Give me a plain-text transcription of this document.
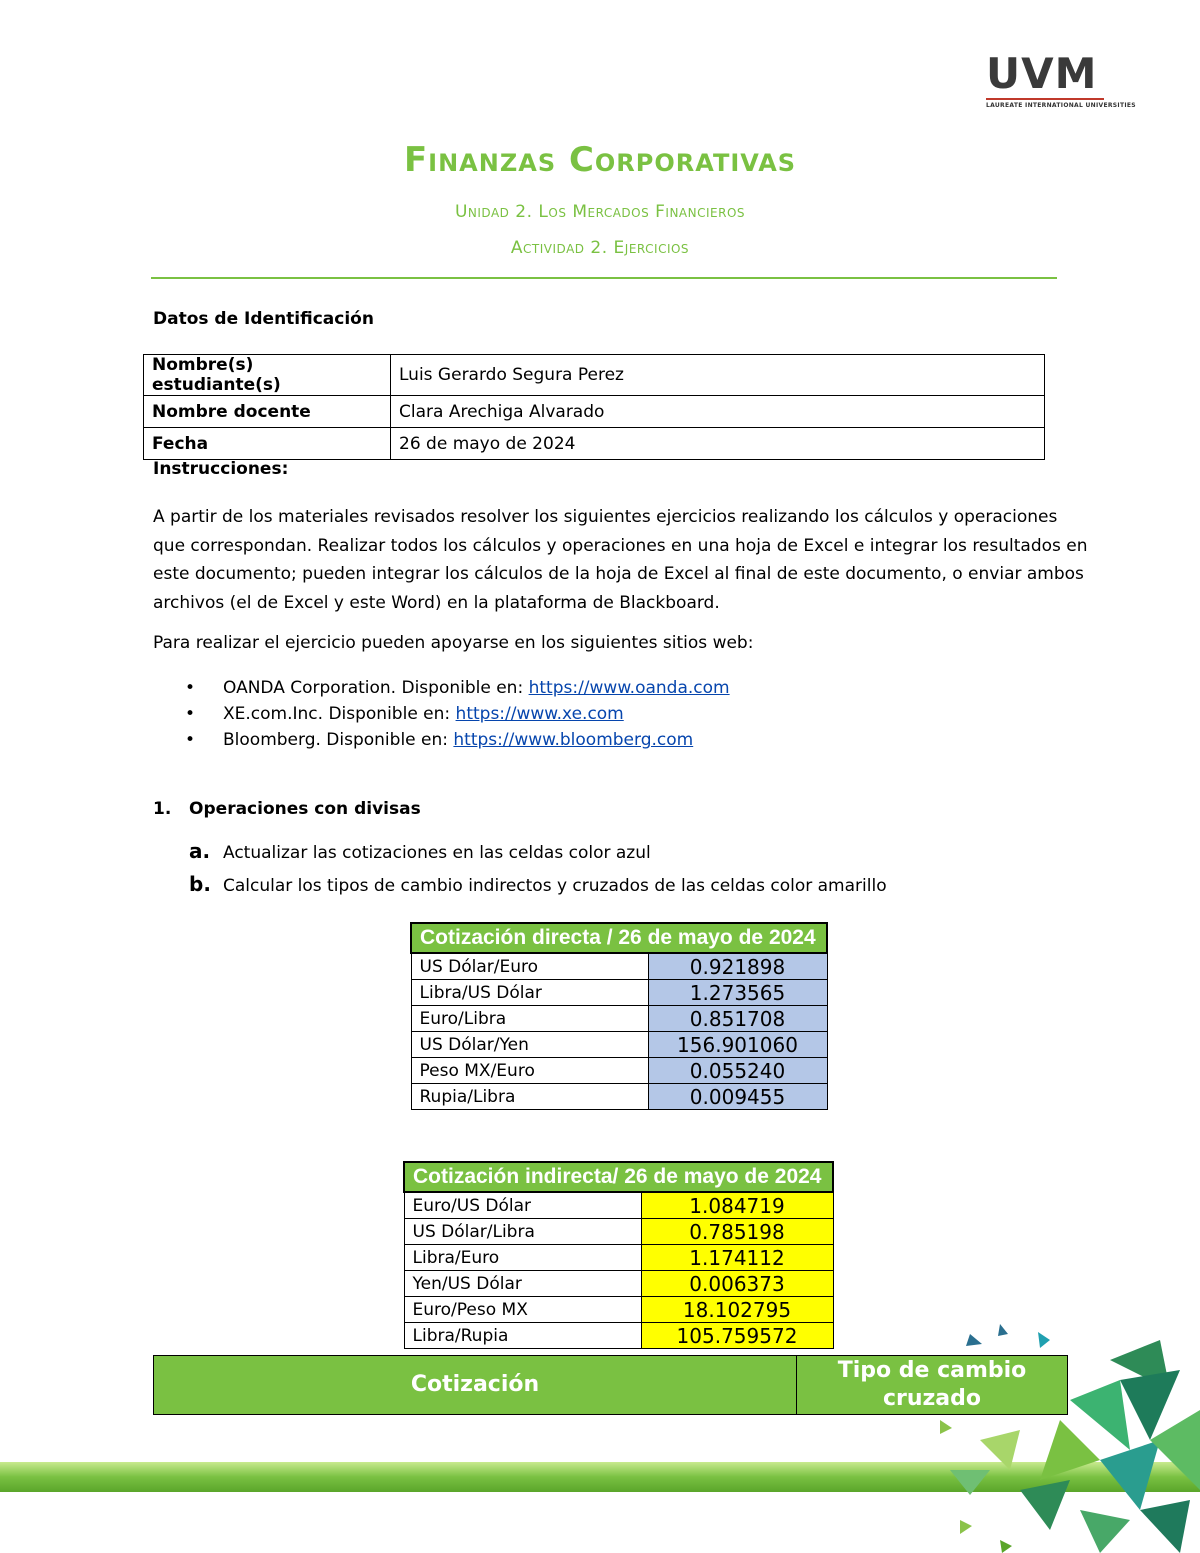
UVM
LAUREATE INTERNATIONAL UNIVERSITIES
Finanzas Corporativas
Unidad 2. Los Mercados Financieros
Actividad 2. Ejercicios
Datos de Identificación
Nombre(s) estudiante(s)	Luis Gerardo Segura Perez
Nombre docente	Clara Arechiga Alvarado
Fecha	26 de mayo de 2024
Instrucciones:
A partir de los materiales revisados resolver los siguientes ejercicios realizando los cálculos y operaciones que correspondan. Realizar todos los cálculos y operaciones en una hoja de Excel e integrar los resultados en este documento; pueden integrar los cálculos de la hoja de Excel al final de este documento, o enviar ambos archivos (el de Excel y este Word) en la plataforma de Blackboard.
Para realizar el ejercicio pueden apoyarse en los siguientes sitios web:
• OANDA Corporation. Disponible en: https://www.oanda.com
• XE.com.Inc. Disponible en: https://www.xe.com
• Bloomberg. Disponible en: https://www.bloomberg.com
1.   Operaciones con divisas
a. Actualizar las cotizaciones en las celdas color azul
b. Calcular los tipos de cambio indirectos y cruzados de las celdas color amarillo
Cotización directa / 26 de mayo de 2024	
US Dólar/Euro	0.921898
Libra/US Dólar	1.273565
Euro/Libra	0.851708
US Dólar/Yen	156.901060
Peso MX/Euro	0.055240
Rupia/Libra	0.009455
Cotización indirecta/ 26 de mayo de 2024	
Euro/US Dólar	1.084719
US Dólar/Libra	0.785198
Libra/Euro	1.174112
Yen/US Dólar	0.006373
Euro/Peso MX	18.102795
Libra/Rupia	105.759572
Cotización	Tipo de cambio cruzado
